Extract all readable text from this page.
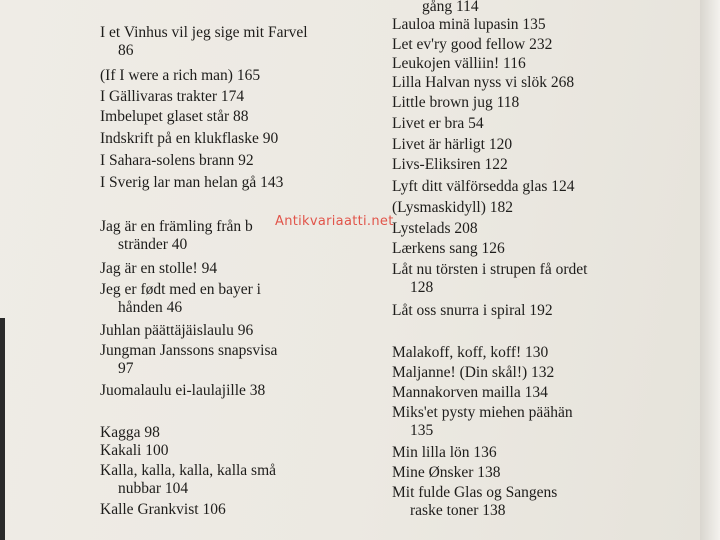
I et Vinhus vil jeg sige mit Farvel
86
(If I were a rich man) 165
I Gällivaras trakter 174
Imbelupet glaset står 88
Indskrift på en klukflaske 90
I Sahara-solens brann 92
I Sverig lar man helan gå 143
Jag är en främling från b
stränder 40
Jag är en stolle! 94
Jeg er født med en bayer i
hånden 46
Juhlan päättäjäislaulu 96
Jungman Janssons snapsvisa
97
Juomalaulu ei-laulajille 38
Kagga 98
Kakali 100
Kalla, kalla, kalla, kalla små
nubbar 104
Kalle Grankvist 106
gång 114
Lauloa minä lupasin 135
Let ev'ry good fellow 232
Leukojen välliin! 116
Lilla Halvan nyss vi slök 268
Little brown jug 118
Livet er bra 54
Livet är härligt 120
Livs-Eliksiren 122
Lyft ditt välförsedda glas 124
(Lysmaskidyll) 182
Lystelads 208
Lærkens sang 126
Låt nu törsten i strupen få ordet
128
Låt oss snurra i spiral 192
Malakoff, koff, koff! 130
Maljanne! (Din skål!) 132
Mannakorven mailla 134
Miks'et pysty miehen päähän
135
Min lilla lön 136
Mine Ønsker 138
Mit fulde Glas og Sangens
raske toner 138
Antikvariaatti.net
